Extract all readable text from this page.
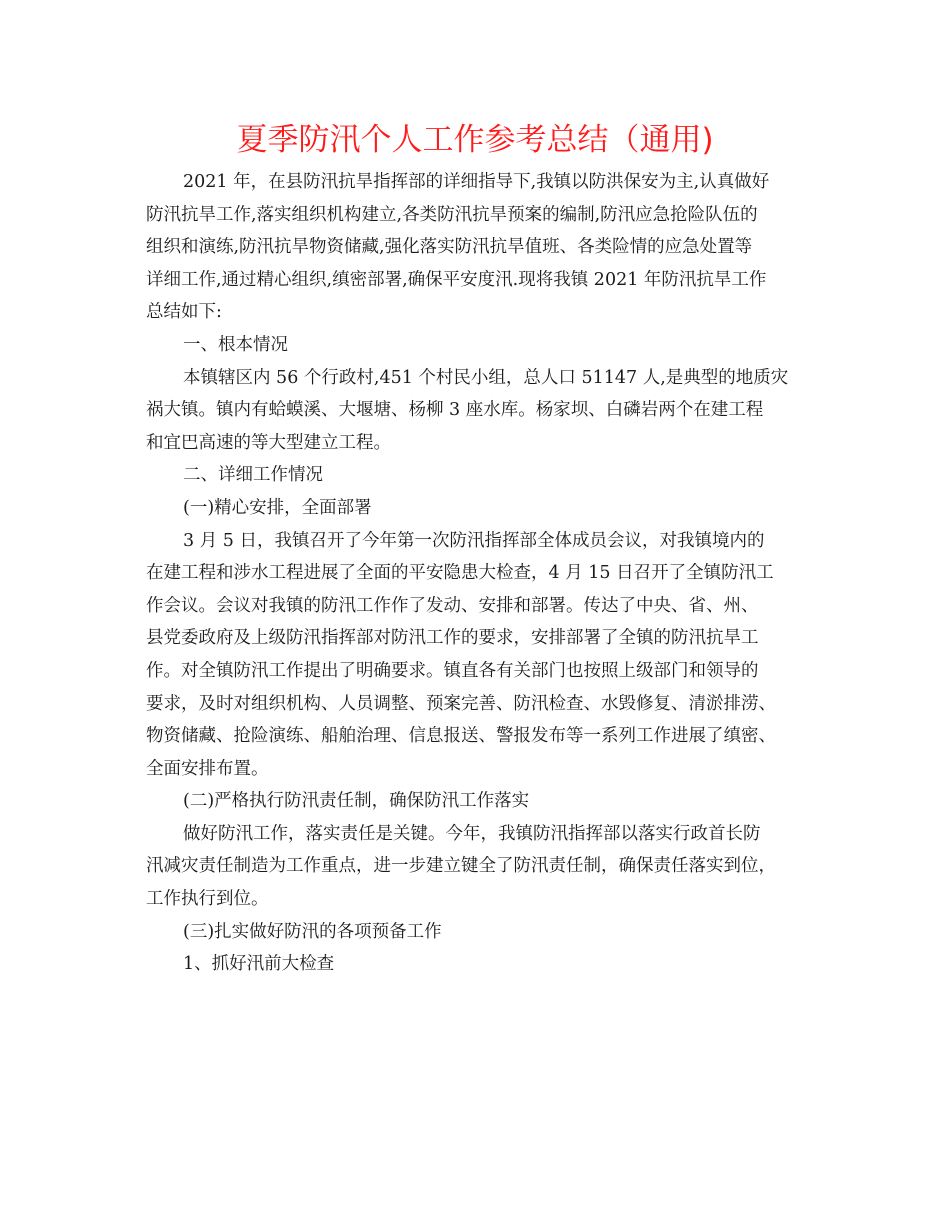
夏季防汛个人工作参考总结（通用)
2021 年，在县防汛抗旱指挥部的详细指导下,我镇以防洪保安为主,认真做好
防汛抗旱工作,落实组织机构建立,各类防汛抗旱预案的编制,防汛应急抢险队伍的
组织和演练,防汛抗旱物资储藏,强化落实防汛抗旱值班、各类险情的应急处置等
详细工作,通过精心组织,缜密部署,确保平安度汛.现将我镇 2021 年防汛抗旱工作
总结如下:
一、根本情况
本镇辖区内 56 个行政村,451 个村民小组，总人口 51147 人,是典型的地质灾
祸大镇。镇内有蛤蟆溪、大堰塘、杨柳 3 座水库。杨家坝、白磷岩两个在建工程
和宜巴高速的等大型建立工程。
二、详细工作情况
(一)精心安排，全面部署
3 月 5 日，我镇召开了今年第一次防汛指挥部全体成员会议，对我镇境内的
在建工程和涉水工程进展了全面的平安隐患大检查，4 月 15 日召开了全镇防汛工
作会议。会议对我镇的防汛工作作了发动、安排和部署。传达了中央、省、州、
县党委政府及上级防汛指挥部对防汛工作的要求，安排部署了全镇的防汛抗旱工
作。对全镇防汛工作提出了明确要求。镇直各有关部门也按照上级部门和领导的
要求，及时对组织机构、人员调整、预案完善、防汛检查、水毁修复、清淤排涝、
物资储藏、抢险演练、船舶治理、信息报送、警报发布等一系列工作进展了缜密、
全面安排布置。
(二)严格执行防汛责任制，确保防汛工作落实
做好防汛工作，落实责任是关键。今年，我镇防汛指挥部以落实行政首长防
汛减灾责任制造为工作重点，进一步建立键全了防汛责任制，确保责任落实到位，
工作执行到位。
(三)扎实做好防汛的各项预备工作
1、抓好汛前大检查
